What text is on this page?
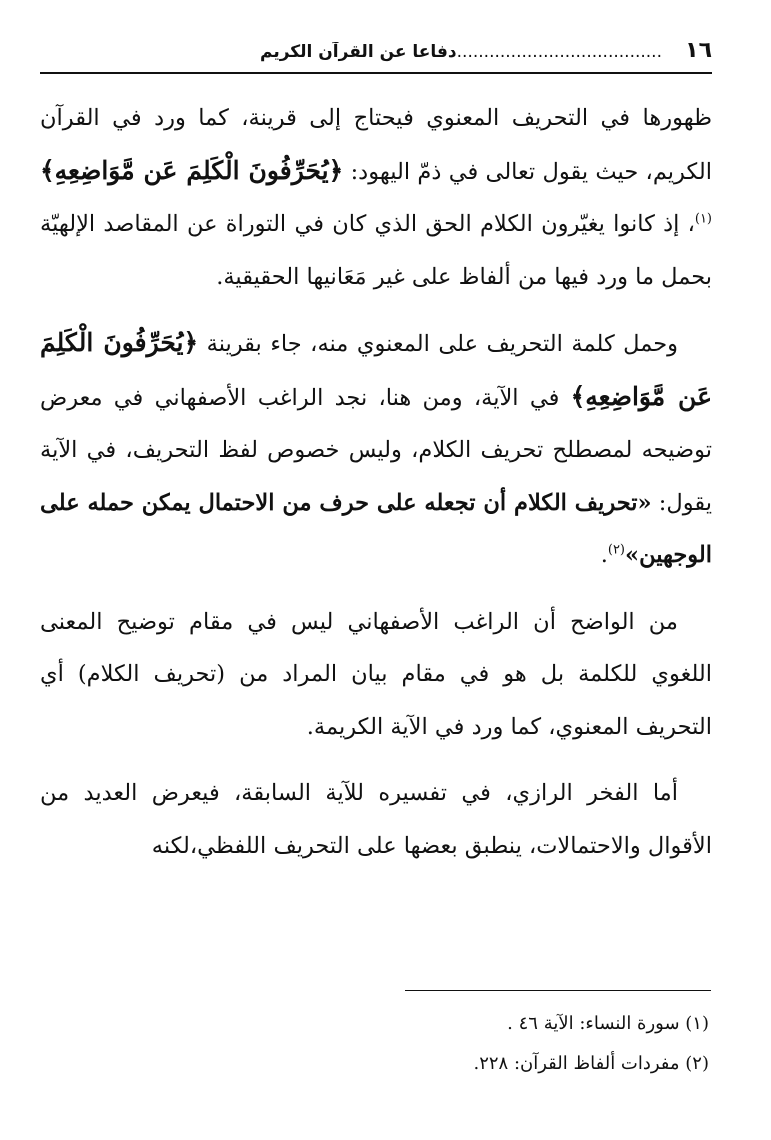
١٦
......................................دفاعا عن القرآن الكريم

ظهورها في التحريف المعنوي فيحتاج إلى قرينة، كما ورد في القرآن الكريم، حيث يقول تعالى في ذمّ اليهود: ﴿يُحَرِّفُونَ الْكَلِمَ عَن مَّوَاضِعِهِ﴾$^{(١)}$، إذ كانوا يغيّرون الكلام الحق الذي كان في التوراة عن المقاصد الإلهيّة بحمل ما ورد فيها من ألفاظ على غير مَعَانيها الحقيقية.

وحمل كلمة التحريف على المعنوي منه، جاء بقرينة ﴿يُحَرِّفُونَ الْكَلِمَ عَن مَّوَاضِعِهِ﴾ في الآية، ومن هنا، نجد الراغب الأصفهاني في معرض توضيحه لمصطلح تحريف الكلام، وليس خصوص لفظ التحريف، في الآية يقول: «تحريف الكلام أن تجعله على حرف من الاحتمال يمكن حمله على الوجهين»$^{(٢)}$.

من الواضح أن الراغب الأصفهاني ليس في مقام توضيح المعنى اللغوي للكلمة بل هو في مقام بيان المراد من (تحريف الكلام) أي التحريف المعنوي، كما ورد في الآية الكريمة.

أما الفخر الرازي، في تفسيره للآية السابقة، فيعرض العديد من الأقوال والاحتمالات، ينطبق بعضها على التحريف اللفظي،لكنه

(١) سورة النساء: الآية ٤٦ .

(٢) مفردات ألفاظ القرآن: ٢٢٨.
